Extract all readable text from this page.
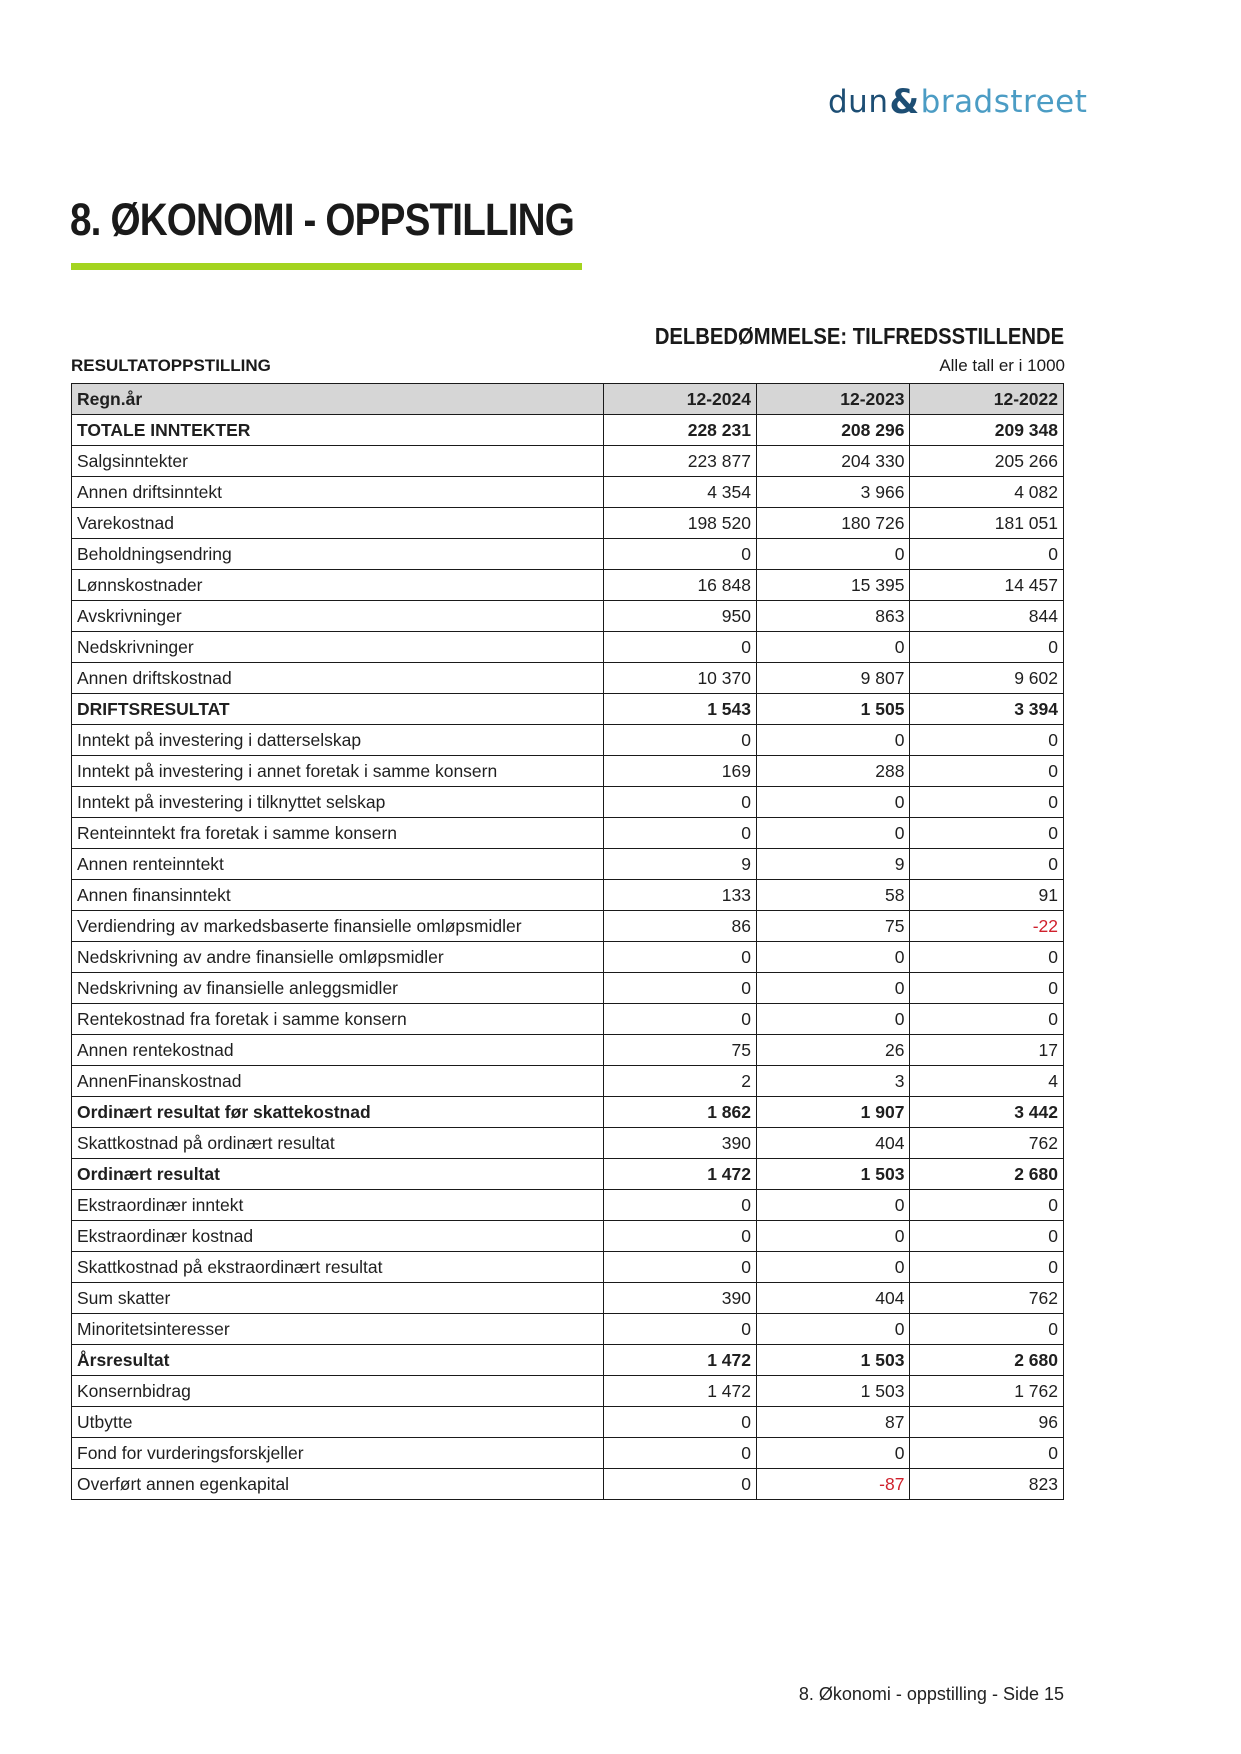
dun & bradstreet
8. ØKONOMI - OPPSTILLING
DELBEDØMMELSE: TILFREDSSTILLENDE
RESULTATOPPSTILLING	Alle tall er i 1000
Regn.år	12-2024	12-2023	12-2022
TOTALE INNTEKTER	228 231	208 296	209 348
Salgsinntekter	223 877	204 330	205 266
Annen driftsinntekt	4 354	3 966	4 082
Varekostnad	198 520	180 726	181 051
Beholdningsendring	0	0	0
Lønnskostnader	16 848	15 395	14 457
Avskrivninger	950	863	844
Nedskrivninger	0	0	0
Annen driftskostnad	10 370	9 807	9 602
DRIFTSRESULTAT	1 543	1 505	3 394
Inntekt på investering i datterselskap	0	0	0
Inntekt på investering i annet foretak i samme konsern	169	288	0
Inntekt på investering i tilknyttet selskap	0	0	0
Renteinntekt fra foretak i samme konsern	0	0	0
Annen renteinntekt	9	9	0
Annen finansinntekt	133	58	91
Verdiendring av markedsbaserte finansielle omløpsmidler	86	75	-22
Nedskrivning av andre finansielle omløpsmidler	0	0	0
Nedskrivning av finansielle anleggsmidler	0	0	0
Rentekostnad fra foretak i samme konsern	0	0	0
Annen rentekostnad	75	26	17
AnnenFinanskostnad	2	3	4
Ordinært resultat før skattekostnad	1 862	1 907	3 442
Skattkostnad på ordinært resultat	390	404	762
Ordinært resultat	1 472	1 503	2 680
Ekstraordinær inntekt	0	0	0
Ekstraordinær kostnad	0	0	0
Skattkostnad på ekstraordinært resultat	0	0	0
Sum skatter	390	404	762
Minoritetsinteresser	0	0	0
Årsresultat	1 472	1 503	2 680
Konsernbidrag	1 472	1 503	1 762
Utbytte	0	87	96
Fond for vurderingsforskjeller	0	0	0
Overført annen egenkapital	0	-87	823
8. Økonomi - oppstilling - Side 15
